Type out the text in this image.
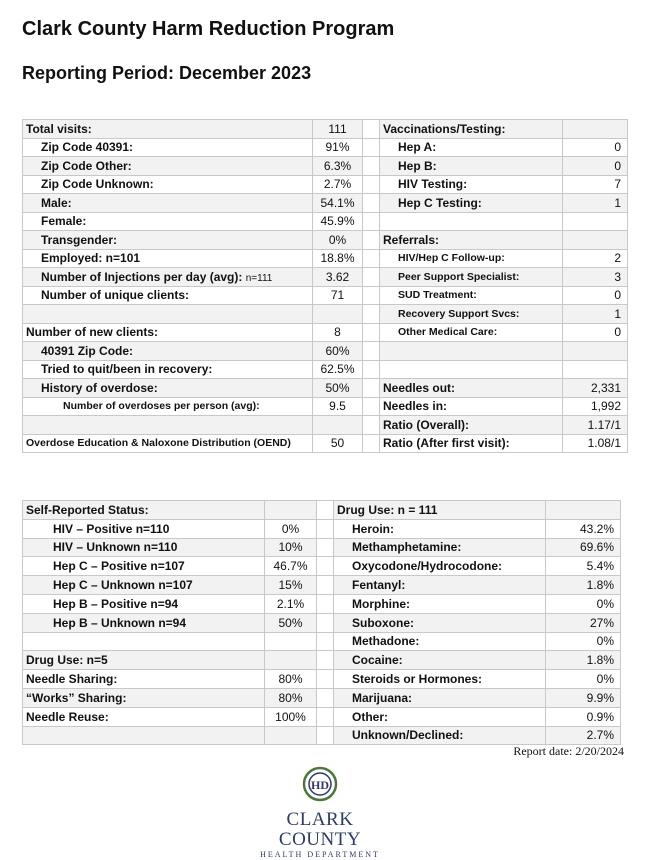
Clark County Harm Reduction Program
Reporting Period: December 2023
Total visits:	111		Vaccinations/Testing:	
Zip Code 40391:	91%		Hep A:	0
Zip Code Other:	6.3%		Hep B:	0
Zip Code Unknown:	2.7%		HIV Testing:	7
Male:	54.1%		Hep C Testing:	1
Female:	45.9%			
Transgender:	0%		Referrals:	
Employed: n=101	18.8%		HIV/Hep C Follow-up:	2
Number of Injections per day (avg): n=111	3.62		Peer Support Specialist:	3
Number of unique clients:	71		SUD Treatment:	0
			Recovery Support Svcs:	1
Number of new clients:	8		Other Medical Care:	0
40391 Zip Code:	60%			
Tried to quit/been in recovery:	62.5%			
History of overdose:	50%		Needles out:	2,331
Number of overdoses per person (avg):	9.5		Needles in:	1,992
			Ratio (Overall):	1.17/1
Overdose Education & Naloxone Distribution (OEND)	50		Ratio (After first visit):	1.08/1
Self-Reported Status:			Drug Use: n = 111	
HIV – Positive n=110	0%		Heroin:	43.2%
HIV – Unknown n=110	10%		Methamphetamine:	69.6%
Hep C – Positive n=107	46.7%		Oxycodone/Hydrocodone:	5.4%
Hep C – Unknown n=107	15%		Fentanyl:	1.8%
Hep B – Positive n=94	2.1%		Morphine:	0%
Hep B – Unknown n=94	50%		Suboxone:	27%
			Methadone:	0%
Drug Use: n=5			Cocaine:	1.8%
Needle Sharing:	80%		Steroids or Hormones:	0%
“Works” Sharing:	80%		Marijuana:	9.9%
Needle Reuse:	100%		Other:	0.9%
			Unknown/Declined:	2.7%
Report date: 2/20/2024
HD
CLARK COUNTY
HEALTH DEPARTMENT
